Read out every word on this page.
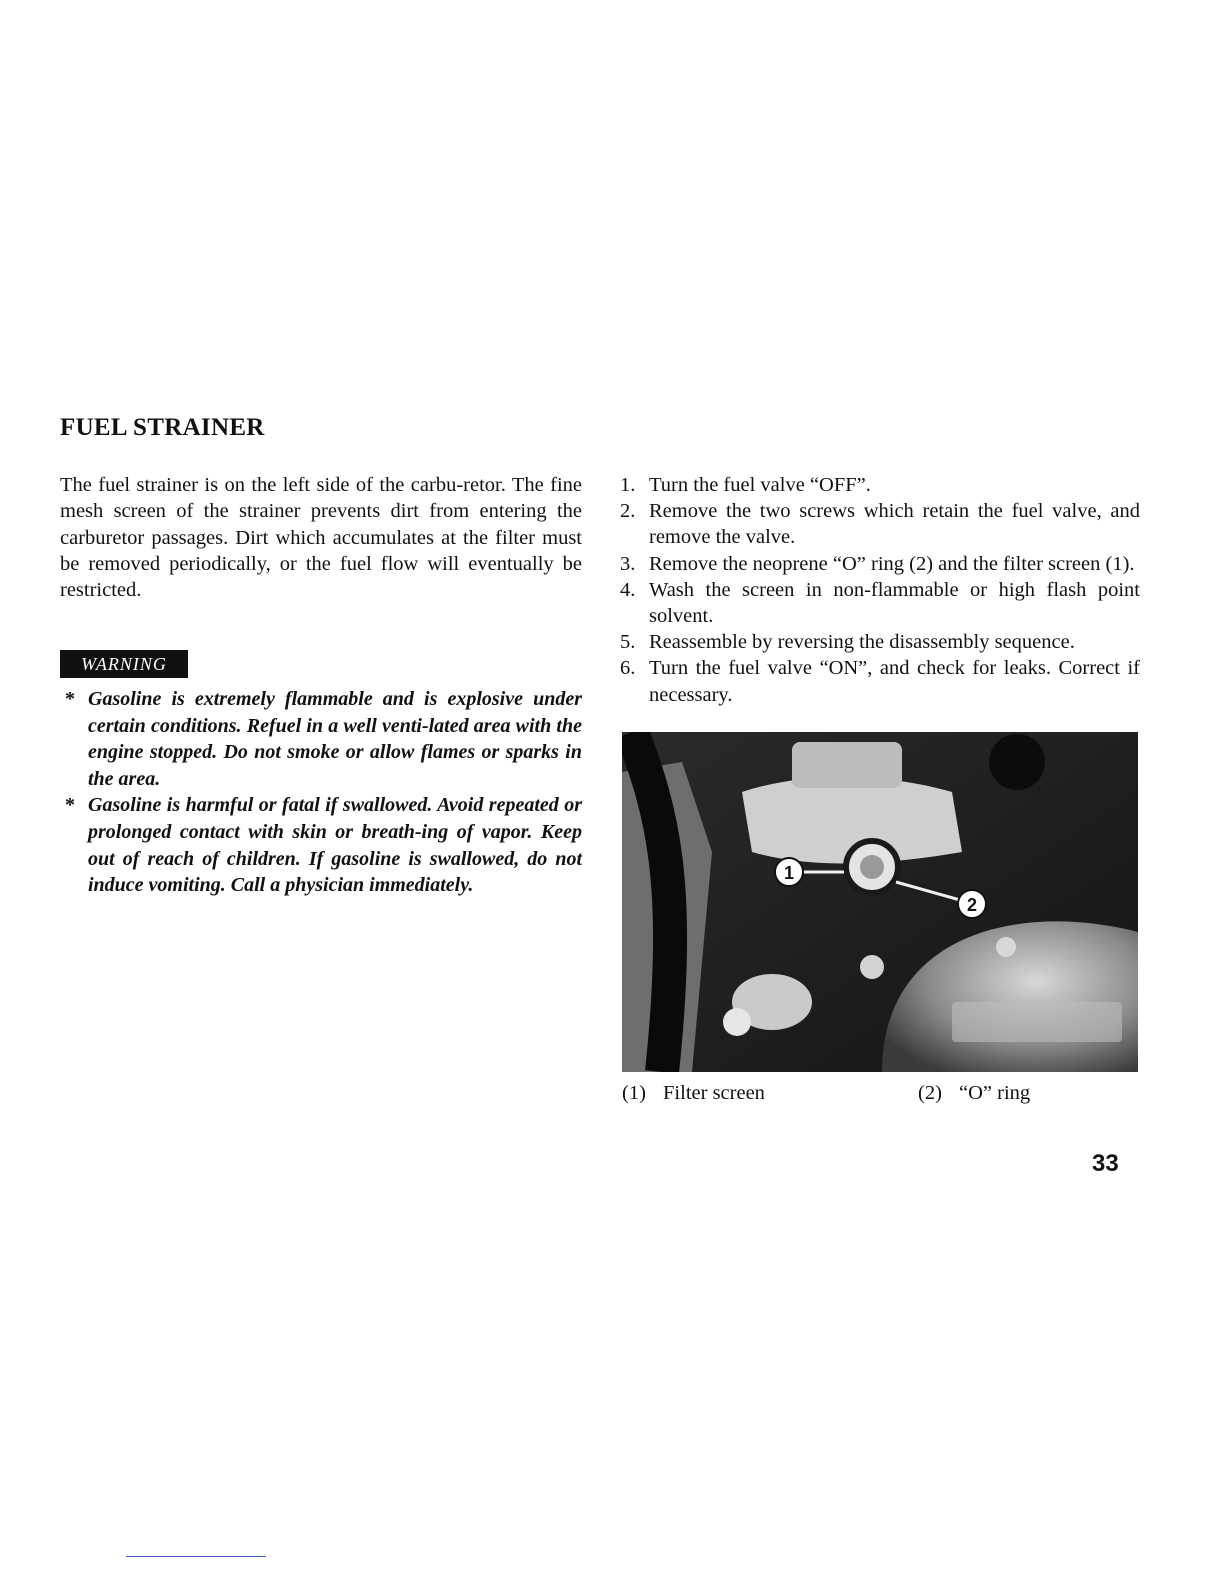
FUEL STRAINER

The fuel strainer is on the left side of the carbu-retor. The fine mesh screen of the strainer prevents dirt from entering the carburetor passages. Dirt which accumulates at the filter must be removed periodically, or the fuel flow will eventually be restricted.

WARNING
* Gasoline is extremely flammable and is explosive under certain conditions. Refuel in a well venti-lated area with the engine stopped. Do not smoke or allow flames or sparks in the area.
* Gasoline is harmful or fatal if swallowed. Avoid repeated or prolonged contact with skin or breath-ing of vapor. Keep out of reach of children. If gasoline is swallowed, do not induce vomiting. Call a physician immediately.
1. Turn the fuel valve “OFF”.
2. Remove the two screws which retain the fuel valve, and remove the valve.
3. Remove the neoprene “O” ring (2) and the filter screen (1).
4. Wash the screen in non-flammable or high flash point solvent.
5. Reassemble by reversing the disassembly sequence.
6. Turn the fuel valve “ON”, and check for leaks. Correct if necessary.
1
2
(1) Filter screen	(2) “O” ring
33
